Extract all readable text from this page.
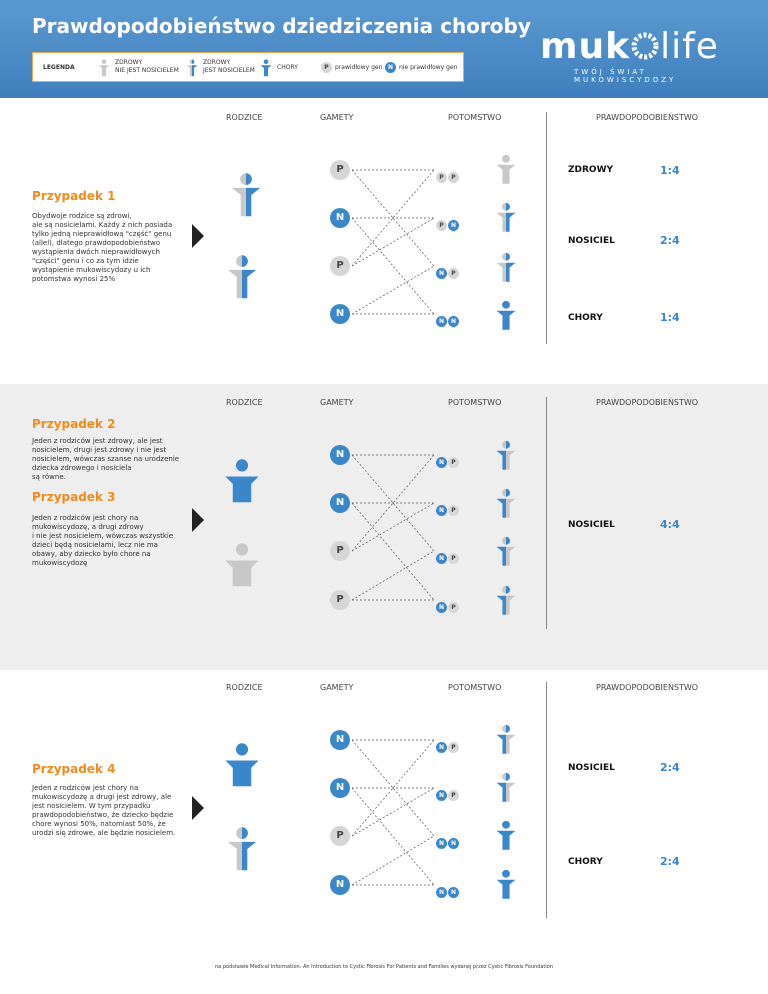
Prawdopodobieństwo dziedziczenia choroby
LEGENDA
ZDROWY
NIE JEST NOSICIELEM
ZDROWY
JEST NOSICIELEM	CHORY	P	prawidłowy gen N nie prawidłowy gen
muk life
TWÓJ ŚWIAT MUKOWISCYDOZY
RODZICE	GAMETY	POTOMSTWO	PRAWDOPODOBIEŃSTWO
Przypadek 1
Obydwoje rodzice są zdrowi,
ale są nosicielami. Każdy z nich posiada tylko jedną nieprawidłową "część" genu (allel), dlatego prawdopodobieństwo wystąpienia dwóch nieprawidłowych "części" genu i co za tym idzie wystąpienie mukowiscydozy u ich potomstwa wynosi 25%
P
N
P
N
P P
P N
N P
N N
ZDROWY	1:4
NOSICIEL	2:4
CHORY	1:4
RODZICE	GAMETY	POTOMSTWO	PRAWDOPODOBIEŃSTWO
Przypadek 2
Jeden z rodziców jest zdrowy, ale jest nosicielem, drugi jest zdrowy i nie jest nosicielem, wówczas szanse na urodzenie dziecka zdrowego i nosiciela
są równe.
Przypadek 3
Jeden z rodziców jest chory na mukowiscydozę, a drugi zdrowy
i nie jest nosicielem, wówczas wszystkie dzieci będą nosicielami, lecz nie ma obawy, aby dziecko było chore na mukowiscydozę
N
N
P
P
N P
N P
N P
N P
NOSICIEL	4:4
RODZICE	GAMETY	POTOMSTWO	PRAWDOPODOBIEŃSTWO
Przypadek 4
Jeden z rodziców jest chory na mukowiscydozę a drugi jest zdrowy, ale jest nosicielem. W tym przypadku prawdopodobieństwo, że dziecko będzie chore wynosi 50%, natomiast 50%, że urodzi się zdrowe, ale będzie nosicielem.
N
N
P
N
N P
N P
N N
N N
NOSICIEL	2:4
CHORY	2:4
na podstawie Medical Information: An Introduction to Cystic Fibrosis For Patients and Families wydanej przez Cystic Fibrosis Foundation
